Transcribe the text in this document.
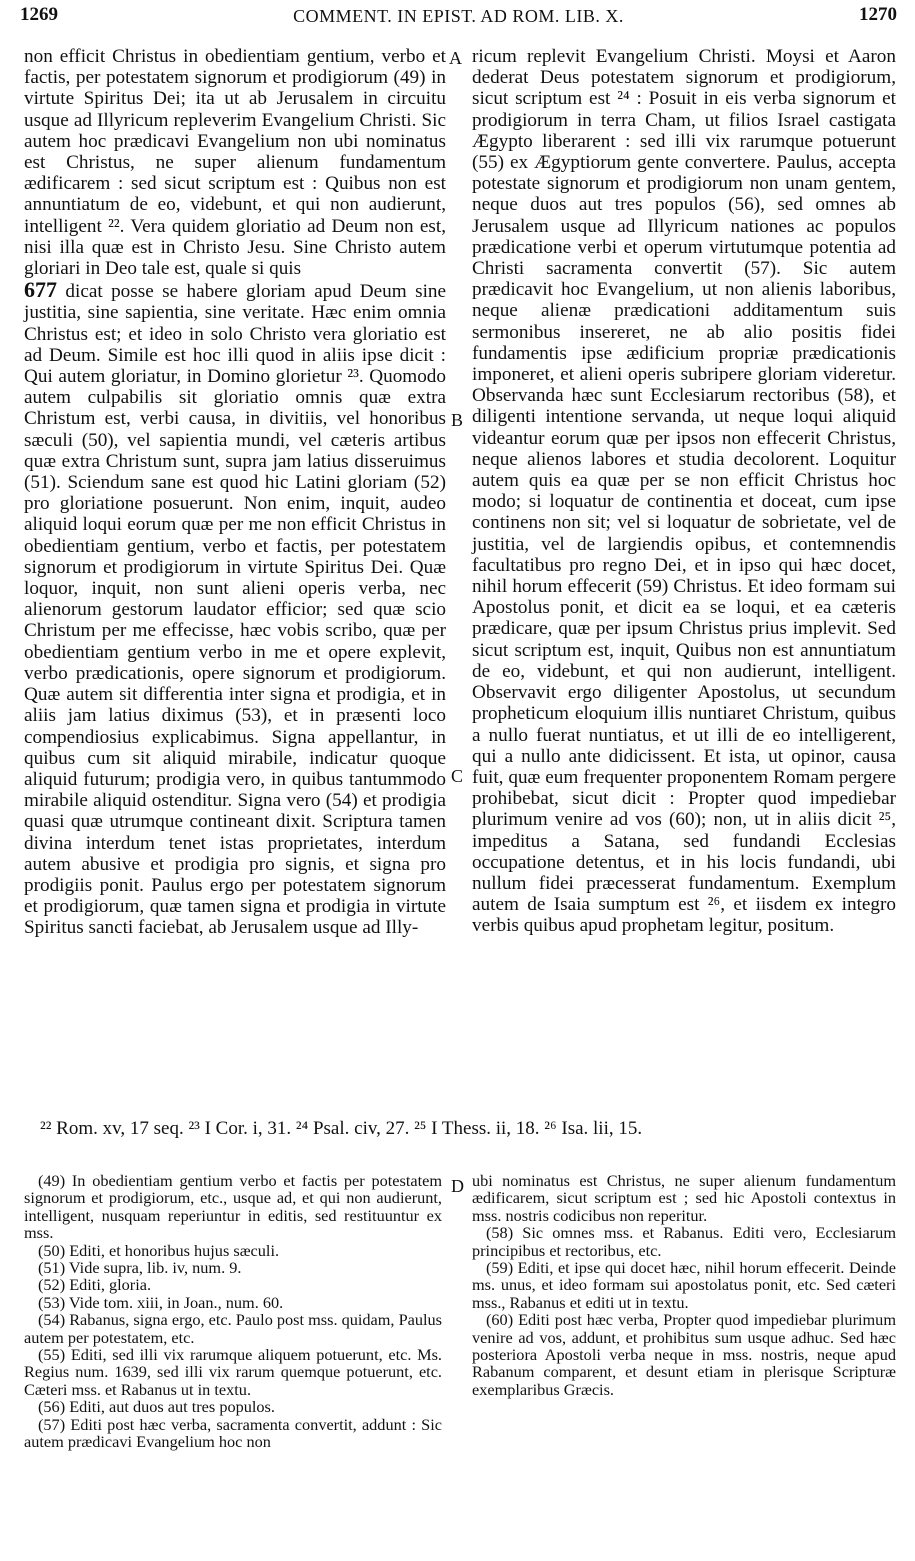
1269	COMMENT. IN EPIST. AD ROM. LIB. X.	1270
A
B
C
D

non efficit Christus in obedientiam gentium, verbo et factis, per potestatem signorum et prodigiorum (49) in virtute Spiritus Dei; ita ut ab Jerusalem in circuitu usque ad Illyricum repleverim Evangelium Christi. Sic autem hoc prædicavi Evangelium non ubi nominatus est Christus, ne super alienum fundamentum ædificarem : sed sicut scriptum est : Quibus non est annuntiatum de eo, videbunt, et qui non audierunt, intelligent ²². Vera quidem gloriatio ad Deum non est, nisi illa quæ est in Christo Jesu. Sine Christo autem gloriari in Deo tale est, quale si quis

677 dicat posse se habere gloriam apud Deum sine justitia, sine sapientia, sine veritate. Hæc enim omnia Christus est; et ideo in solo Christo vera gloriatio est ad Deum. Simile est hoc illi quod in aliis ipse dicit : Qui autem gloriatur, in Domino glorietur ²³. Quomodo autem culpabilis sit gloriatio omnis quæ extra Christum est, verbi causa, in divitiis, vel honoribus sæculi (50), vel sapientia mundi, vel cæteris artibus quæ extra Christum sunt, supra jam latius disseruimus (51). Sciendum sane est quod hic Latini gloriam (52) pro gloriatione posuerunt. Non enim, inquit, audeo aliquid loqui eorum quæ per me non efficit Christus in obedientiam gentium, verbo et factis, per potestatem signorum et prodigiorum in virtute Spiritus Dei. Quæ loquor, inquit, non sunt alieni operis verba, nec alienorum gestorum laudator efficior; sed quæ scio Christum per me effecisse, hæc vobis scribo, quæ per obedientiam gentium verbo in me et opere explevit, verbo prædicationis, opere signorum et prodigiorum. Quæ autem sit differentia inter signa et prodigia, et in aliis jam latius diximus (53), et in præsenti loco compendiosius explicabimus. Signa appellantur, in quibus cum sit aliquid mirabile, indicatur quoque aliquid futurum; prodigia vero, in quibus tantummodo mirabile aliquid ostenditur. Signa vero (54) et prodigia quasi quæ utrumque contineant dixit. Scriptura tamen divina interdum tenet istas proprietates, interdum autem abusive et prodigia pro signis, et signa pro prodigiis ponit. Paulus ergo per potestatem signorum et prodigiorum, quæ tamen signa et prodigia in virtute Spiritus sancti faciebat, ab Jerusalem usque ad Illy-

ricum replevit Evangelium Christi. Moysi et Aaron dederat Deus potestatem signorum et prodigiorum, sicut scriptum est ²⁴ : Posuit in eis verba signorum et prodigiorum in terra Cham, ut filios Israel castigata Ægypto liberarent : sed illi vix rarumque potuerunt (55) ex Ægyptiorum gente convertere. Paulus, accepta potestate signorum et prodigiorum non unam gentem, neque duos aut tres populos (56), sed omnes ab Jerusalem usque ad Illyricum nationes ac populos prædicatione verbi et operum virtutumque potentia ad Christi sacramenta convertit (57). Sic autem prædicavit hoc Evangelium, ut non alienis laboribus, neque alienæ prædicationi additamentum suis sermonibus insereret, ne ab alio positis fidei fundamentis ipse ædificium propriæ prædicationis imponeret, et alieni operis subripere gloriam videretur. Observanda hæc sunt Ecclesiarum rectoribus (58), et diligenti intentione servanda, ut neque loqui aliquid videantur eorum quæ per ipsos non effecerit Christus, neque alienos labores et studia decolorent. Loquitur autem quis ea quæ per se non efficit Christus hoc modo; si loquatur de continentia et doceat, cum ipse continens non sit; vel si loquatur de sobrietate, vel de justitia, vel de largiendis opibus, et contemnendis facultatibus pro regno Dei, et in ipso qui hæc docet, nihil horum effecerit (59) Christus. Et ideo formam sui Apostolus ponit, et dicit ea se loqui, et ea cæteris prædicare, quæ per ipsum Christus prius implevit. Sed sicut scriptum est, inquit, Quibus non est annuntiatum de eo, videbunt, et qui non audierunt, intelligent. Observavit ergo diligenter Apostolus, ut secundum propheticum eloquium illis nuntiaret Christum, quibus a nullo fuerat nuntiatus, et ut illi de eo intelligerent, qui a nullo ante didicissent. Et ista, ut opinor, causa fuit, quæ eum frequenter proponentem Romam pergere prohibebat, sicut dicit : Propter quod impediebar plurimum venire ad vos (60); non, ut in aliis dicit ²⁵, impeditus a Satana, sed fundandi Ecclesias occupatione detentus, et in his locis fundandi, ubi nullum fidei præcesserat fundamentum. Exemplum autem de Isaia sumptum est ²⁶, et iisdem ex integro verbis quibus apud prophetam legitur, positum.

²² Rom. xv, 17 seq. ²³ I Cor. i, 31. ²⁴ Psal. civ, 27. ²⁵ I Thess. ii, 18. ²⁶ Isa. lii, 15.

(49) In obedientiam gentium verbo et factis per potestatem signorum et prodigiorum, etc., usque ad, et qui non audierunt, intelligent, nusquam reperiuntur in editis, sed restituuntur ex mss.

(50) Editi, et honoribus hujus sæculi.

(51) Vide supra, lib. iv, num. 9.

(52) Editi, gloria.

(53) Vide tom. xiii, in Joan., num. 60.

(54) Rabanus, signa ergo, etc. Paulo post mss. quidam, Paulus autem per potestatem, etc.

(55) Editi, sed illi vix rarumque aliquem potuerunt, etc. Ms. Regius num. 1639, sed illi vix rarum quemque potuerunt, etc. Cæteri mss. et Rabanus ut in textu.

(56) Editi, aut duos aut tres populos.

(57) Editi post hæc verba, sacramenta convertit, addunt : Sic autem prædicavi Evangelium hoc non

ubi nominatus est Christus, ne super alienum fundamentum ædificarem, sicut scriptum est ; sed hic Apostoli contextus in mss. nostris codicibus non reperitur.

(58) Sic omnes mss. et Rabanus. Editi vero, Ecclesiarum principibus et rectoribus, etc.

(59) Editi, et ipse qui docet hæc, nihil horum effecerit. Deinde ms. unus, et ideo formam sui apostolatus ponit, etc. Sed cæteri mss., Rabanus et editi ut in textu.

(60) Editi post hæc verba, Propter quod impediebar plurimum venire ad vos, addunt, et prohibitus sum usque adhuc. Sed hæc posteriora Apostoli verba neque in mss. nostris, neque apud Rabanum comparent, et desunt etiam in plerisque Scripturæ exemplaribus Græcis.
